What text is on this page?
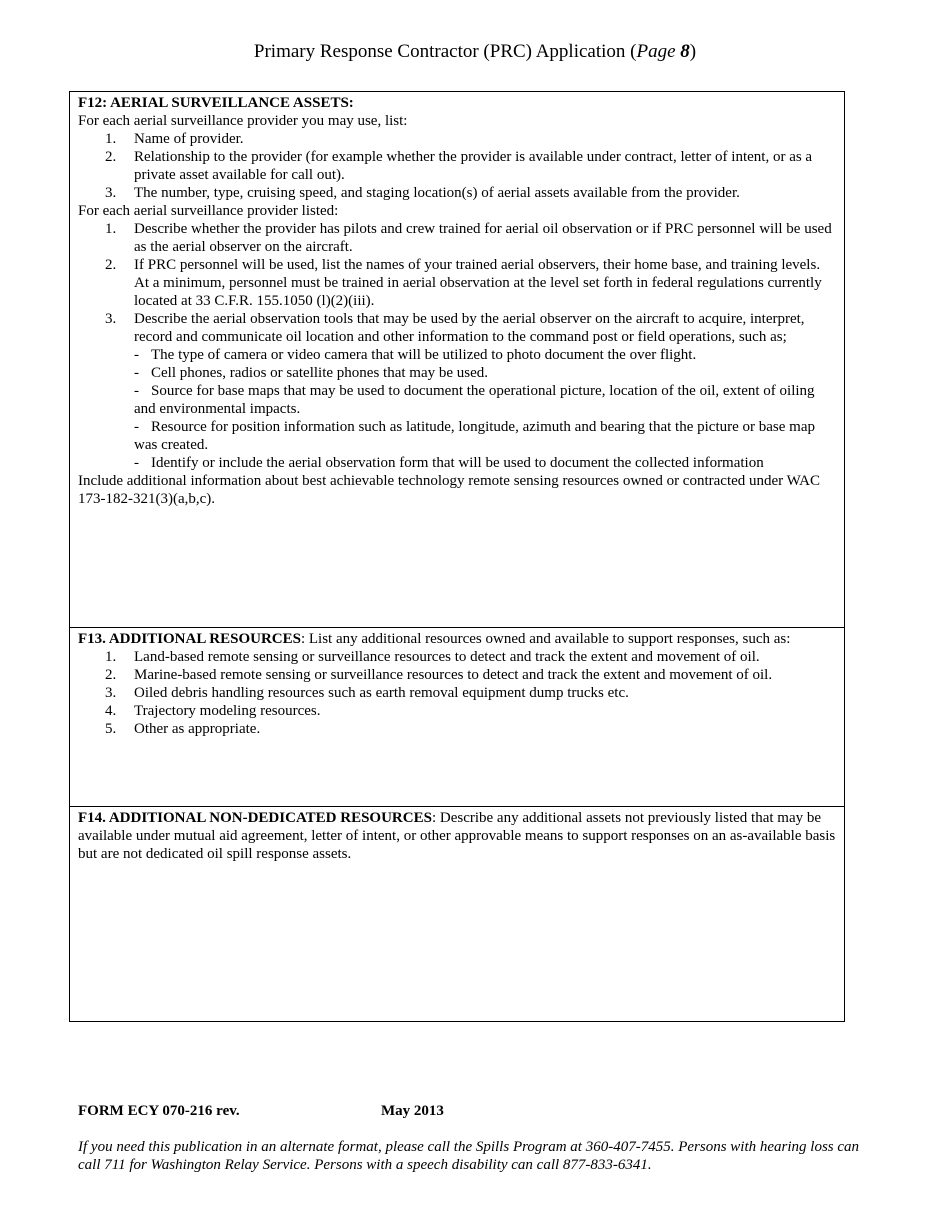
Primary Response Contractor (PRC) Application (Page 8)

F12: AERIAL SURVEILLANCE ASSETS:

For each aerial surveillance provider you may use, list:

1. Name of provider.
2. Relationship to the provider (for example whether the provider is available under contract, letter of intent, or as a private asset available for call out).
3. The number, type, cruising speed, and staging location(s) of aerial assets available from the provider.

For each aerial surveillance provider listed:

1. Describe whether the provider has pilots and crew trained for aerial oil observation or if PRC personnel will be used as the aerial observer on the aircraft.
2. If PRC personnel will be used, list the names of your trained aerial observers, their home base, and training levels. At a minimum, personnel must be trained in aerial observation at the level set forth in federal regulations currently located at 33 C.F.R. 155.1050 (l)(2)(iii).
3. Describe the aerial observation tools that may be used by the aerial observer on the aircraft to acquire, interpret, record and communicate oil location and other information to the command post or field operations, such as;
- The type of camera or video camera that will be utilized to photo document the over flight.
- Cell phones, radios or satellite phones that may be used.
- Source for base maps that may be used to document the operational picture, location of the oil, extent of oiling and environmental impacts.
- Resource for position information such as latitude, longitude, azimuth and bearing that the picture or base map was created.
- Identify or include the aerial observation form that will be used to document the collected information

Include additional information about best achievable technology remote sensing resources owned or contracted under WAC 173-182-321(3)(a,b,c).

F13. ADDITIONAL RESOURCES: List any additional resources owned and available to support responses, such as:

1. Land-based remote sensing or surveillance resources to detect and track the extent and movement of oil.
2. Marine-based remote sensing or surveillance resources to detect and track the extent and movement of oil.
3. Oiled debris handling resources such as earth removal equipment dump trucks etc.
4. Trajectory modeling resources.
5. Other as appropriate.

F14. ADDITIONAL NON-DEDICATED RESOURCES: Describe any additional assets not previously listed that may be available under mutual aid agreement, letter of intent, or other approvable means to support responses on an as-available basis but are not dedicated oil spill response assets.

FORM ECY 070-216 rev.	May 2013
If you need this publication in an alternate format, please call the Spills Program at 360-407-7455. Persons with hearing loss can call 711 for Washington Relay Service. Persons with a speech disability can call 877-833-6341.
